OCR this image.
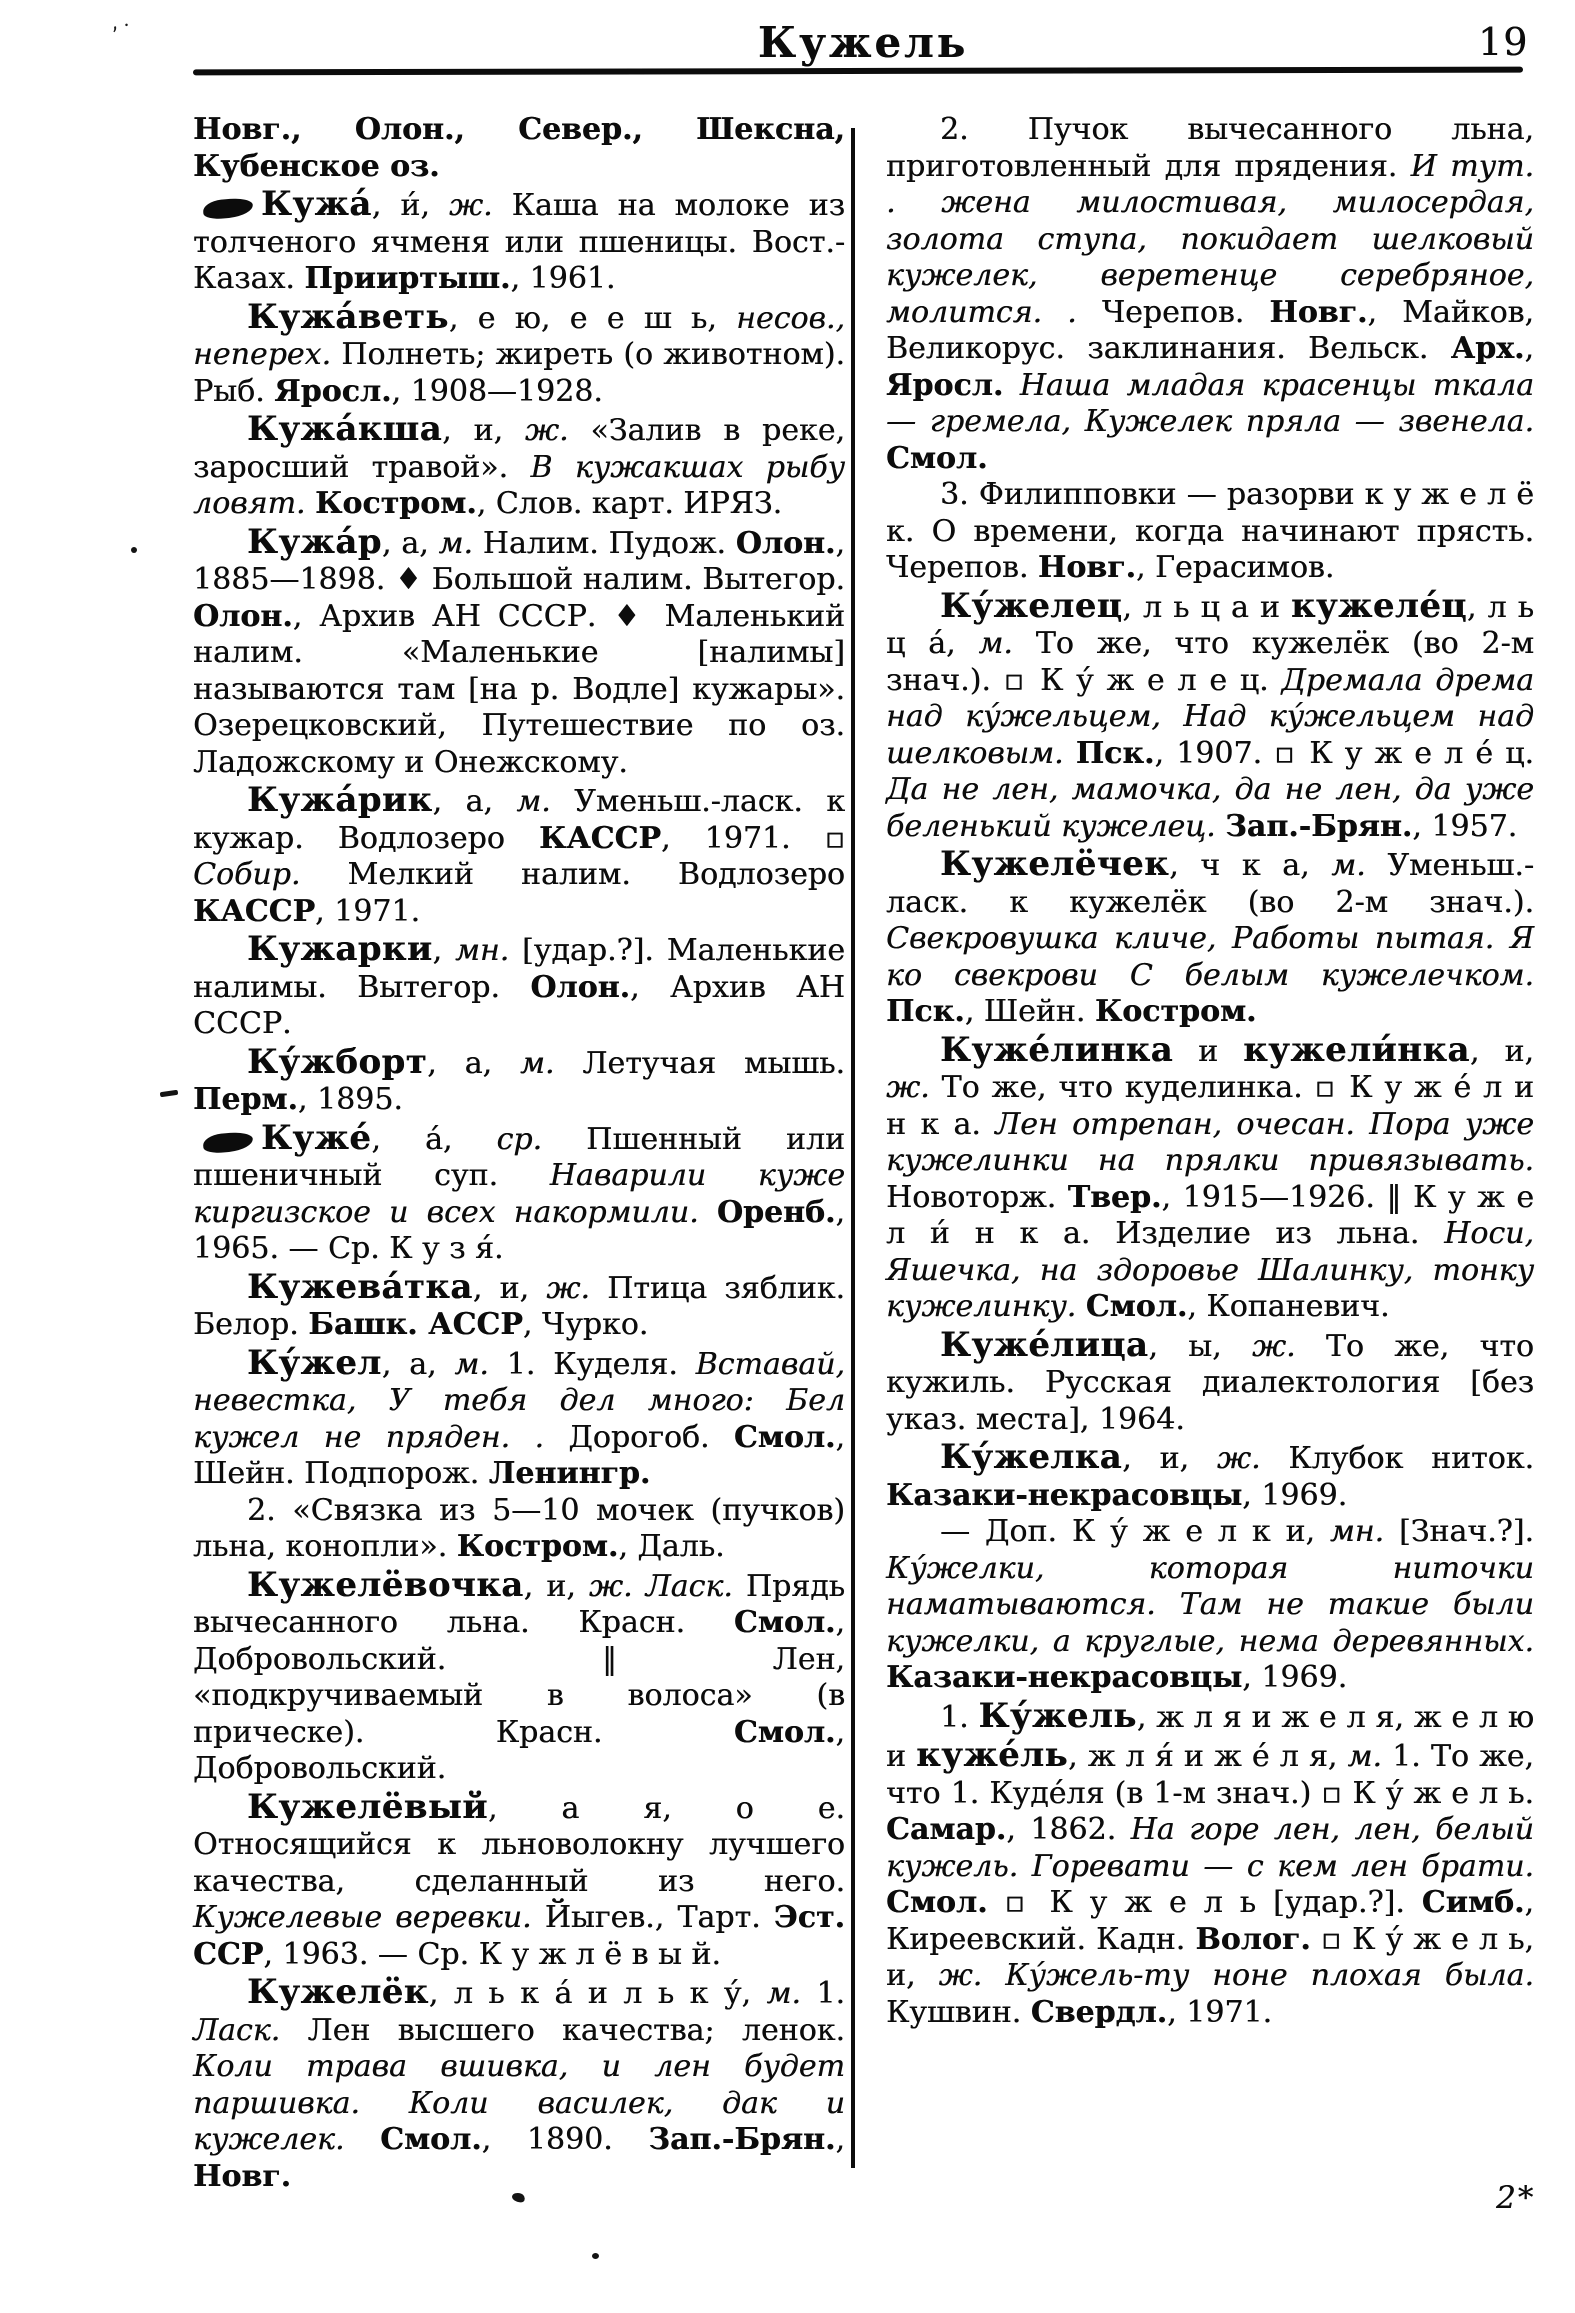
ʼ˙	Кужель	19

Новг., Олон., Север., Шексна, Кубенское оз.

Кужа́, и́, ж. Каша на молоке из толченого ячменя или пшеницы. Вост.-Казах. Прииртыш., 1961.

Кужа́веть, е ю, е е ш ь, несов., неперех. Полнеть; жиреть (о животном). Рыб. Яросл., 1908—1928.

Кужа́кша, и, ж. «Залив в реке, заросший травой». В кужакшах рыбу ловят. Костром., Слов. карт. ИРЯЗ.

Кужа́р, а, м. Налим. Пудож. Олон., 1885—1898. ♦ Большой налим. Вытегор. Олон., Архив АН СССР. ♦ Маленький налим. «Маленькие [налимы] называются там [на р. Водле] кужары». Озерецковский, Путешествие по оз. Ладожскому и Онежскому.

Кужа́рик, а, м. Уменьш.-ласк. к кужар. Водлозеро КАССР, 1971. ▫ Собир. Мелкий налим. Водлозеро КАССР, 1971.

Кужарки, мн. [удар.?]. Маленькие налимы. Вытегор. Олон., Архив АН СССР.

Ку́жборт, а, м. Летучая мышь. Перм., 1895.

Куже́, а́, ср. Пшенный или пшеничный суп. Наварили куже киргизское и всех накормили. Оренб., 1965. — Ср. К у з я́.

Кужева́тка, и, ж. Птица зяблик. Белор. Башк. АССР, Чурко.

Ку́жел, а, м. 1. Куделя. Вставай, невестка, У тебя дел много: Бел кужел не пряден. . Дорогоб. Смол., Шейн. Подпорож. Ленингр.

2. «Связка из 5—10 мочек (пучков) льна, конопли». Костром., Даль.

Кужелёвочка, и, ж. Ласк. Прядь вычесанного льна. Красн. Смол., Добровольский. ‖ Лен, «подкручиваемый в волоса» (в прическе). Красн. Смол., Добровольский.

Кужелёвый, а я, о е. Относящийся к льноволокну лучшего качества, сделанный из него. Кужелевые веревки. Йыгев., Тарт. Эст. ССР, 1963. — Ср. К у ж л ё в ы й.

Кужелёк, л ь к а́ и л ь к у́, м. 1. Ласк. Лен высшего качества; ленок. Коли трава вшивка, и лен будет паршивка. Коли василек, дак и кужелек. Смол., 1890. Зап.-Брян., Новг.

2. Пучок вычесанного льна, приготовленный для прядения. И тут. . жена милостивая, милосердая, золота ступа, покидает шелковый кужелек, веретенце серебряное, молится. . Черепов. Новг., Майков, Великорус. заклинания. Вельск. Арх., Яросл. Наша младая красенцы ткала — гремела, Кужелек пряла — звенела. Смол.

3. Филипповки — разорви к у ж е л ё к. О времени, когда начинают прясть. Черепов. Новг., Герасимов.

Ку́желец, л ь ц а и кужеле́ц, л ь ц а́, м. То же, что кужелёк (во 2-м знач.). ▫ К у́ ж е л е ц. Дремала дрема над ку́жельцем, Над ку́жельцем над шелковым. Пск., 1907. ▫ К у ж е л е́ ц. Да не лен, мамочка, да не лен, да уже беленький кужелец. Зап.-Брян., 1957.

Кужелёчек, ч к а, м. Уменьш.-ласк. к кужелёк (во 2-м знач.). Свекровушка кличе, Работы пытая. Я ко свекрови С белым кужелечком. Пск., Шейн. Костром.

Куже́линка и кужели́нка, и, ж. То же, что куделинка. ▫ К у ж е́ л и н к а. Лен отрепан, очесан. Пора уже кужелинки на прялки привязывать. Новоторж. Твер., 1915—1926. ‖ К у ж е л и́ н к а. Изделие из льна. Носи, Яшечка, на здоровье Шалинку, тонку кужелинку. Смол., Копаневич.

Куже́лица, ы, ж. То же, что кужиль. Русская диалектология [без указ. места], 1964.

Ку́желка, и, ж. Клубок ниток. Казаки-некрасовцы, 1969.

— Доп. К у́ ж е л к и, мн. [Знач.?]. Ку́желки, которая ниточки наматываются. Там не такие были кужелки, а круглые, нема деревянных. Казаки-некрасовцы, 1969.

1. Ку́жель, ж л я и ж е л я, ж е л ю и куже́ль, ж л я́ и ж е́ л я, м. 1. То же, что 1. Куде́ля (в 1-м знач.) ▫ К у́ ж е л ь. Самар., 1862. На горе лен, лен, белый кужель. Горевати — с кем лен брати. Смол. ▫ К у ж е л ь [удар.?]. Симб., Киреевский. Кадн. Волог. ▫ К у́ ж е л ь, и, ж. Ку́жель-ту ноне плохая была. Кушвин. Свердл., 1971.

2*
